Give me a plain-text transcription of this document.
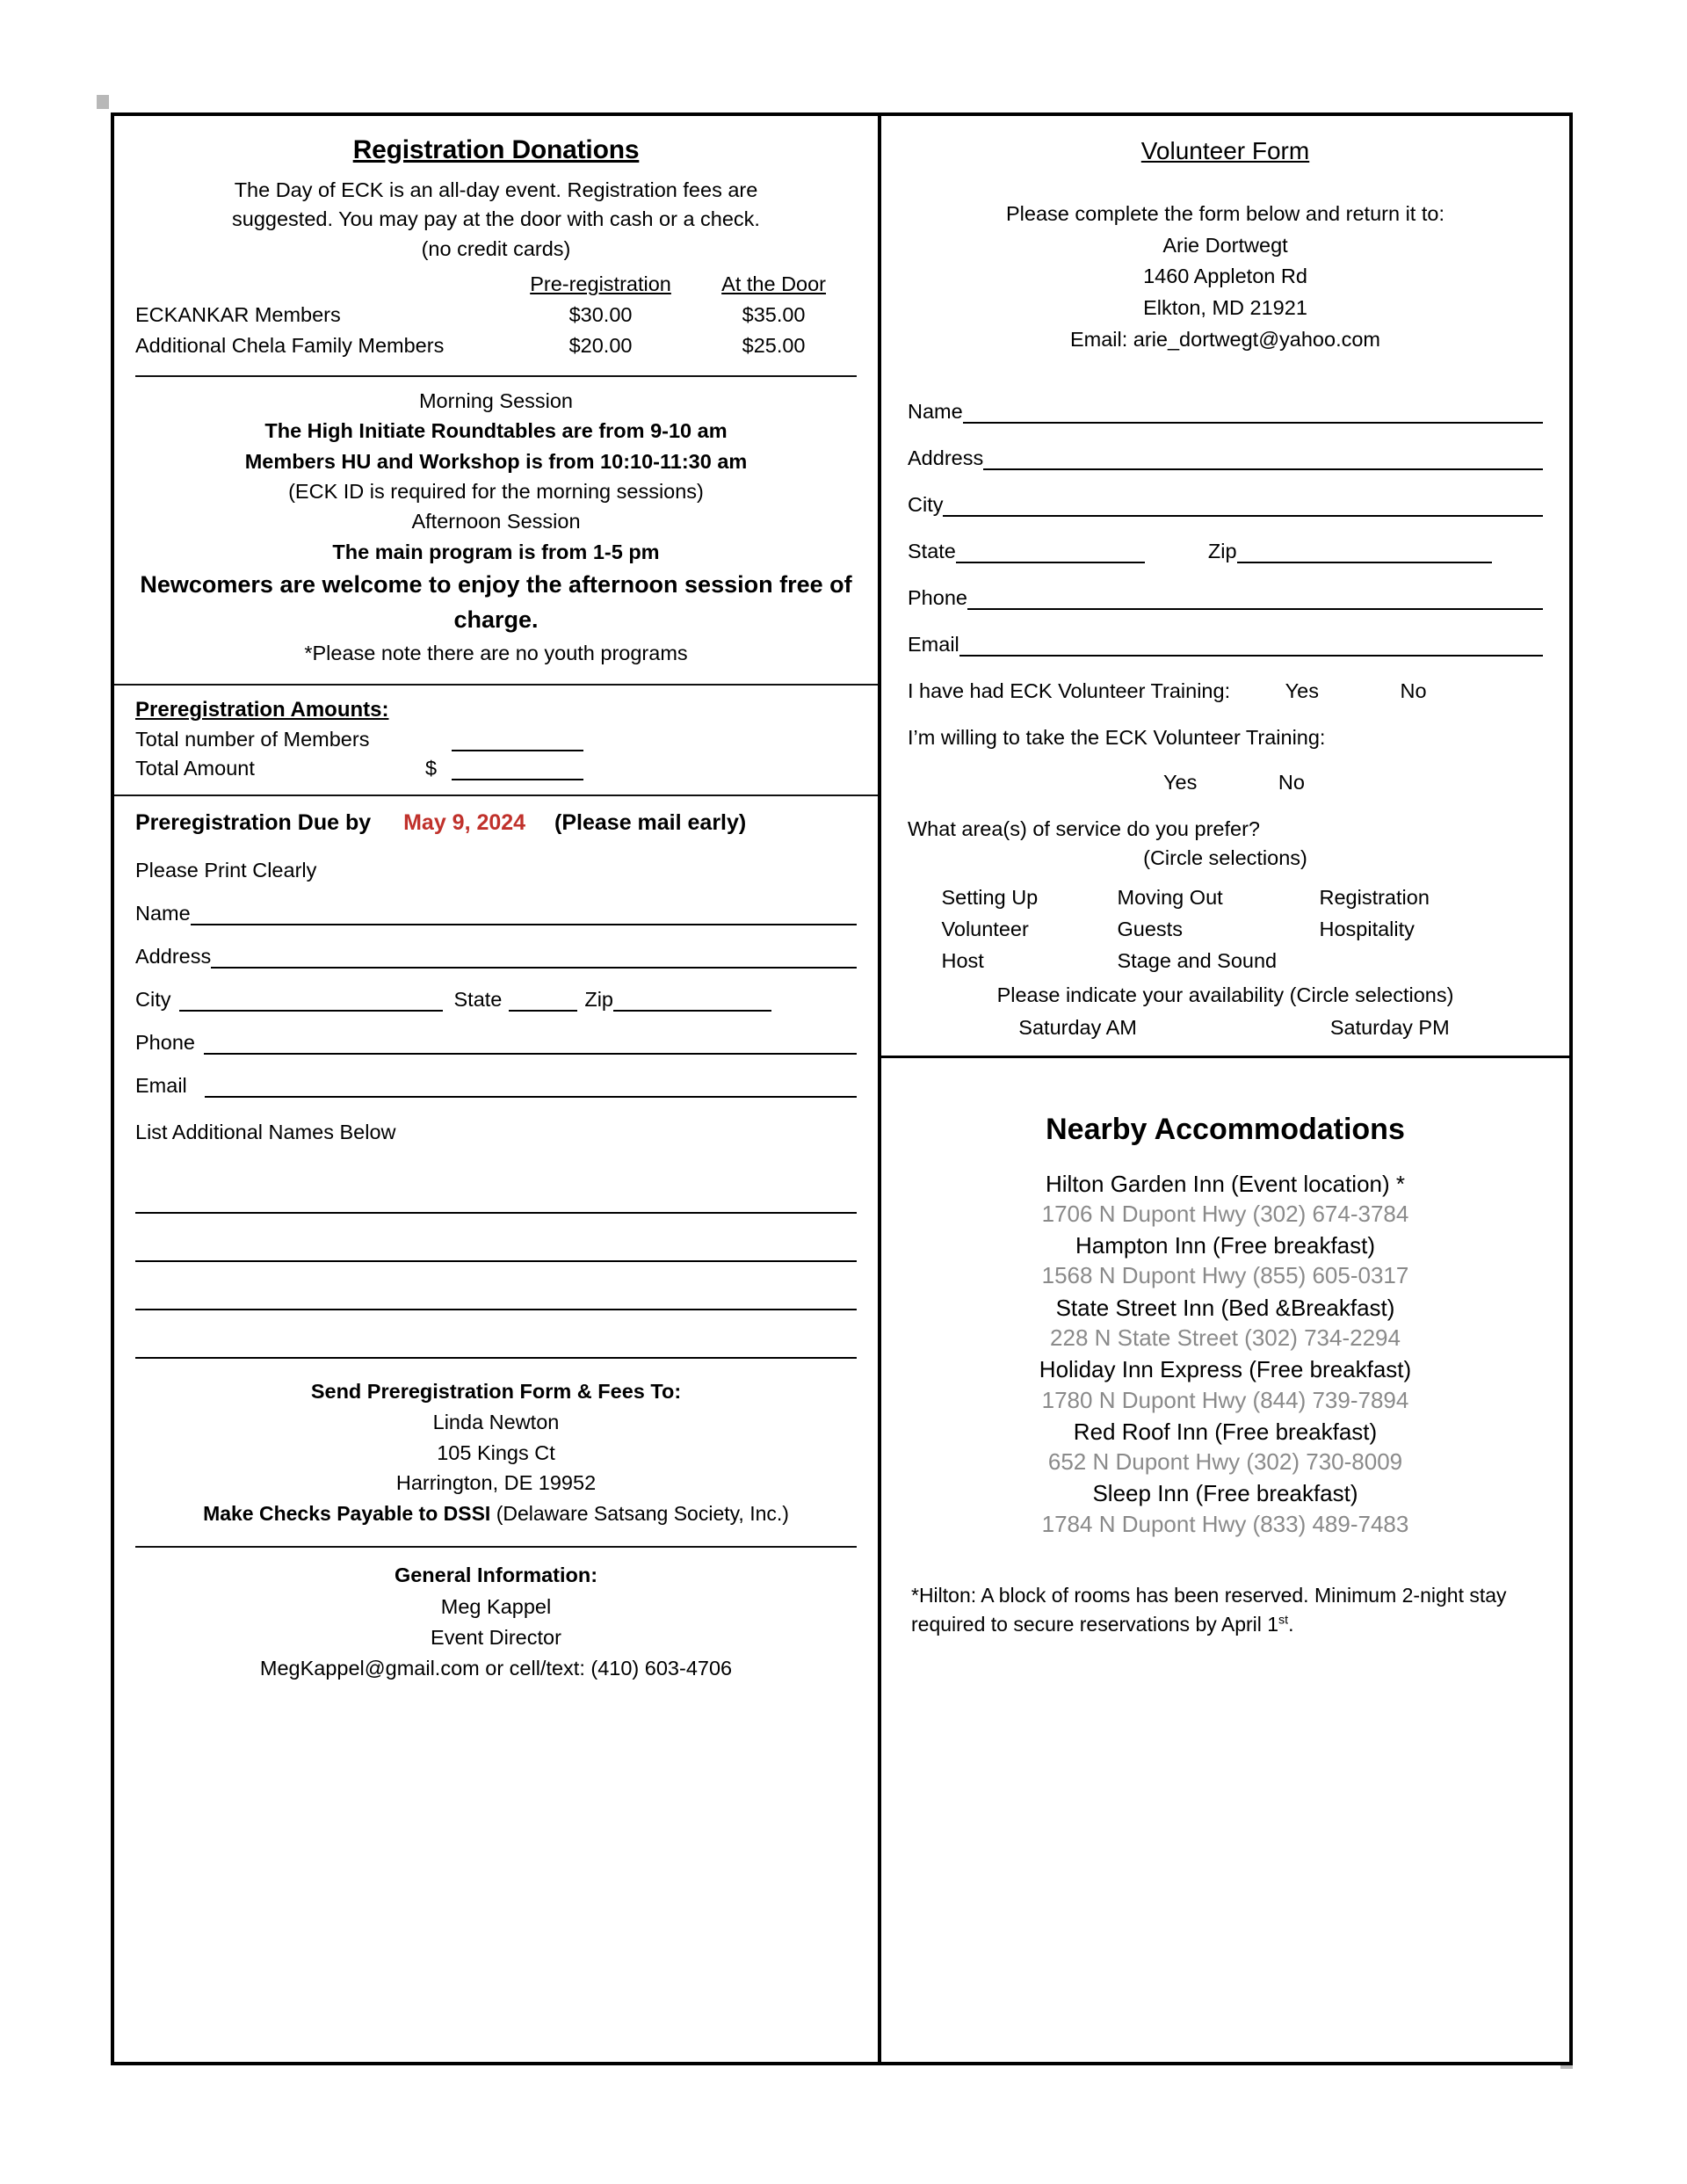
Registration Donations
The Day of ECK is an all-day event. Registration fees are
suggested. You may pay at the door with cash or a check.
(no credit cards)
	Pre-registration	At the Door
ECKANKAR Members	$30.00	$35.00
Additional Chela Family Members	$20.00	$25.00
Morning Session
The High Initiate Roundtables are from 9-10 am
Members HU and Workshop is from 10:10-11:30 am
(ECK ID is required for the morning sessions)
Afternoon Session
The main program is from 1-5 pm
Newcomers are welcome to enjoy the afternoon session free of charge.
*Please note there are no youth programs
Preregistration Amounts:
Total number of Members
Total Amount	$
Preregistration Due by May 9, 2024 (Please mail early)
Please Print Clearly
Name
Address
City	State	Zip
Phone
Email
List Additional Names Below
Send Preregistration Form & Fees To:
Linda Newton
105 Kings Ct
Harrington, DE 19952
Make Checks Payable to DSSI (Delaware Satsang Society, Inc.)
General Information:
Meg Kappel
Event Director
MegKappel@gmail.com or cell/text: (410) 603-4706
Volunteer Form
Please complete the form below and return it to:
Arie Dortwegt
1460 Appleton Rd
Elkton, MD 21921
Email: arie_dortwegt@yahoo.com
Name
Address
City
State	Zip
Phone
Email
I have had ECK Volunteer Training:	Yes	No
I’m willing to take the ECK Volunteer Training:
Yes	No
What area(s) of service do you prefer?
(Circle selections)
Setting Up	Moving Out	Registration
Volunteer	Guests	Hospitality
Host	Stage and Sound
Please indicate your availability (Circle selections)
Saturday AM	Saturday PM
Nearby Accommodations
Hilton Garden Inn (Event location) *
1706 N Dupont Hwy (302) 674-3784
Hampton Inn (Free breakfast)
1568 N Dupont Hwy (855) 605-0317
State Street Inn (Bed &Breakfast)
228 N State Street (302) 734-2294
Holiday Inn Express (Free breakfast)
1780 N Dupont Hwy (844) 739-7894
Red Roof Inn (Free breakfast)
652 N Dupont Hwy (302) 730-8009
Sleep Inn (Free breakfast)
1784 N Dupont Hwy (833) 489-7483
*Hilton: A block of rooms has been reserved. Minimum 2-night stay required to secure reservations by April 1st.
